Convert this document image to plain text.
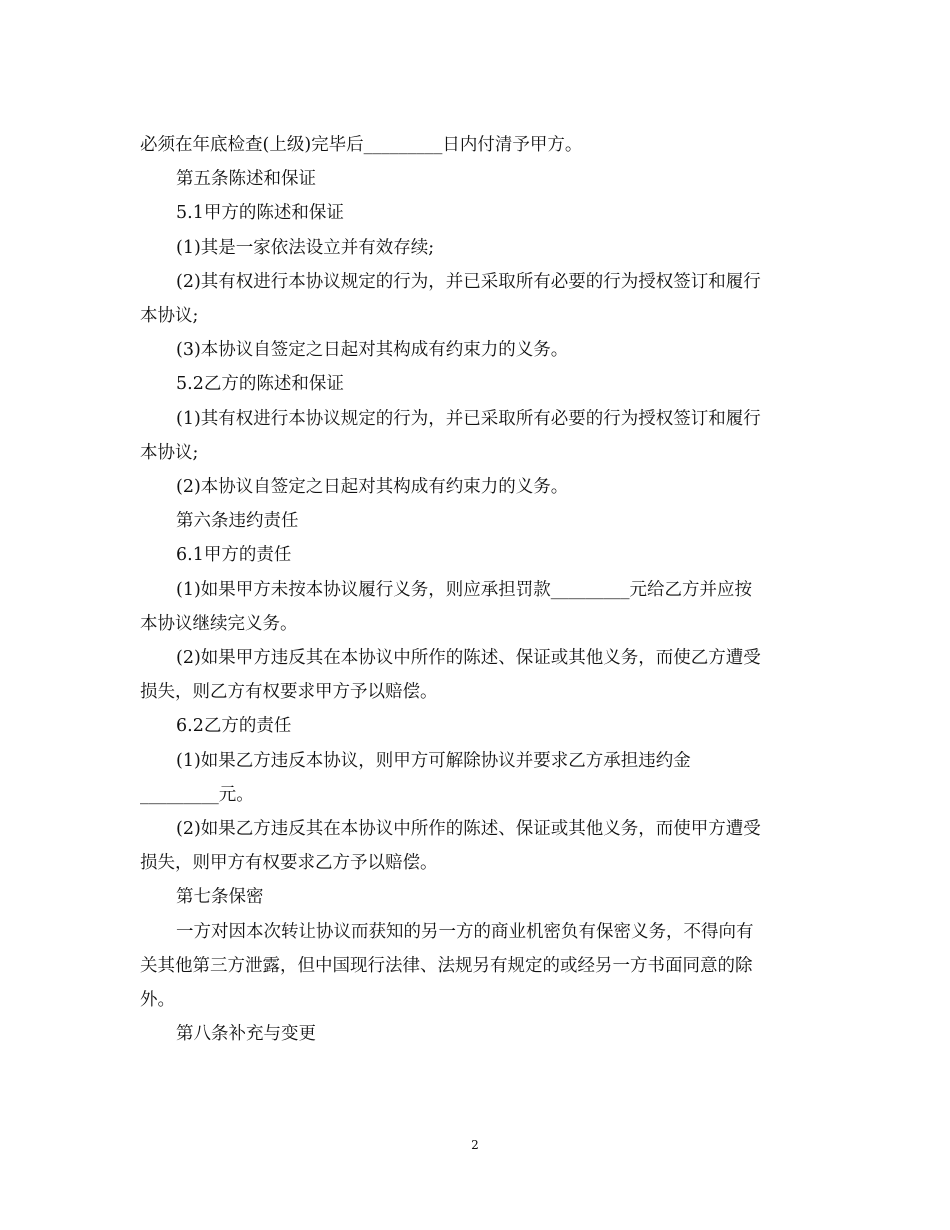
必须在年底检查(上级)完毕后_________日内付清予甲方。

第五条陈述和保证

5.1甲方的陈述和保证

(1)其是一家依法设立并有效存续;

(2)其有权进行本协议规定的行为，并已采取所有必要的行为授权签订和履行

本协议;

(3)本协议自签定之日起对其构成有约束力的义务。

5.2乙方的陈述和保证

(1)其有权进行本协议规定的行为，并已采取所有必要的行为授权签订和履行

本协议;

(2)本协议自签定之日起对其构成有约束力的义务。

第六条违约责任

6.1甲方的责任

(1)如果甲方未按本协议履行义务，则应承担罚款_________元给乙方并应按

本协议继续完义务。

(2)如果甲方违反其在本协议中所作的陈述、保证或其他义务，而使乙方遭受

损失，则乙方有权要求甲方予以赔偿。

6.2乙方的责任

(1)如果乙方违反本协议，则甲方可解除协议并要求乙方承担违约金

_________元。

(2)如果乙方违反其在本协议中所作的陈述、保证或其他义务，而使甲方遭受

损失，则甲方有权要求乙方予以赔偿。

第七条保密

一方对因本次转让协议而获知的另一方的商业机密负有保密义务，不得向有

关其他第三方泄露，但中国现行法律、法规另有规定的或经另一方书面同意的除

外。

第八条补充与变更

2
